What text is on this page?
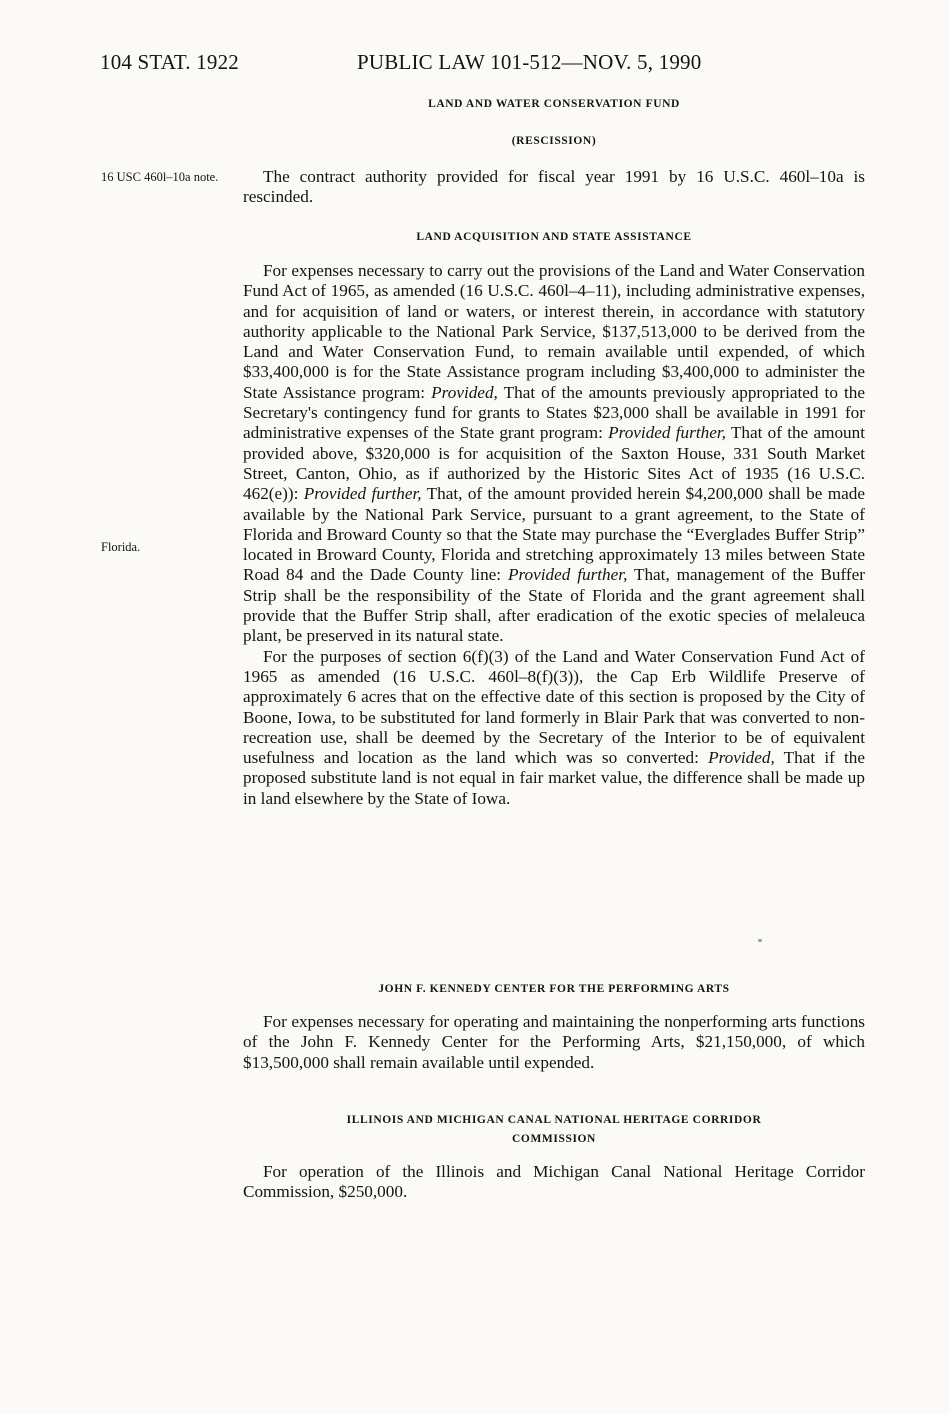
104 STAT. 1922	PUBLIC LAW 101-512—NOV. 5, 1990
LAND AND WATER CONSERVATION FUND
(RESCISSION)
16 USC 460l–10a note.	The contract authority provided for fiscal year 1991 by 16 U.S.C. 460l–10a is rescinded.

LAND ACQUISITION AND STATE ASSISTANCE
Florida.

For expenses necessary to carry out the provisions of the Land and Water Conservation Fund Act of 1965, as amended (16 U.S.C. 460l–4–11), including administrative expenses, and for acquisition of land or waters, or interest therein, in accordance with statutory authority applicable to the National Park Service, $137,513,000 to be derived from the Land and Water Conservation Fund, to remain available until expended, of which $33,400,000 is for the State Assistance program including $3,400,000 to administer the State Assistance program: Provided, That of the amounts previously appropriated to the Secretary's contingency fund for grants to States $23,000 shall be available in 1991 for administrative expenses of the State grant program: Provided further, That of the amount provided above, $320,000 is for acquisition of the Saxton House, 331 South Market Street, Canton, Ohio, as if authorized by the Historic Sites Act of 1935 (16 U.S.C. 462(e)): Provided further, That, of the amount provided herein $4,200,000 shall be made available by the National Park Service, pursuant to a grant agreement, to the State of Florida and Broward County so that the State may purchase the “Everglades Buffer Strip” located in Broward County, Florida and stretching approximately 13 miles between State Road 84 and the Dade County line: Provided further, That, management of the Buffer Strip shall be the responsibility of the State of Florida and the grant agreement shall provide that the Buffer Strip shall, after eradication of the exotic species of melaleuca plant, be preserved in its natural state.

For the purposes of section 6(f)(3) of the Land and Water Conservation Fund Act of 1965 as amended (16 U.S.C. 460l–8(f)(3)), the Cap Erb Wildlife Preserve of approximately 6 acres that on the effective date of this section is proposed by the City of Boone, Iowa, to be substituted for land formerly in Blair Park that was converted to non-recreation use, shall be deemed by the Secretary of the Interior to be of equivalent usefulness and location as the land which was so converted: Provided, That if the proposed substitute land is not equal in fair market value, the difference shall be made up in land elsewhere by the State of Iowa.

JOHN F. KENNEDY CENTER FOR THE PERFORMING ARTS

For expenses necessary for operating and maintaining the nonperforming arts functions of the John F. Kennedy Center for the Performing Arts, $21,150,000, of which $13,500,000 shall remain available until expended.

ILLINOIS AND MICHIGAN CANAL NATIONAL HERITAGE CORRIDOR
COMMISSION

For operation of the Illinois and Michigan Canal National Heritage Corridor Commission, $250,000.
